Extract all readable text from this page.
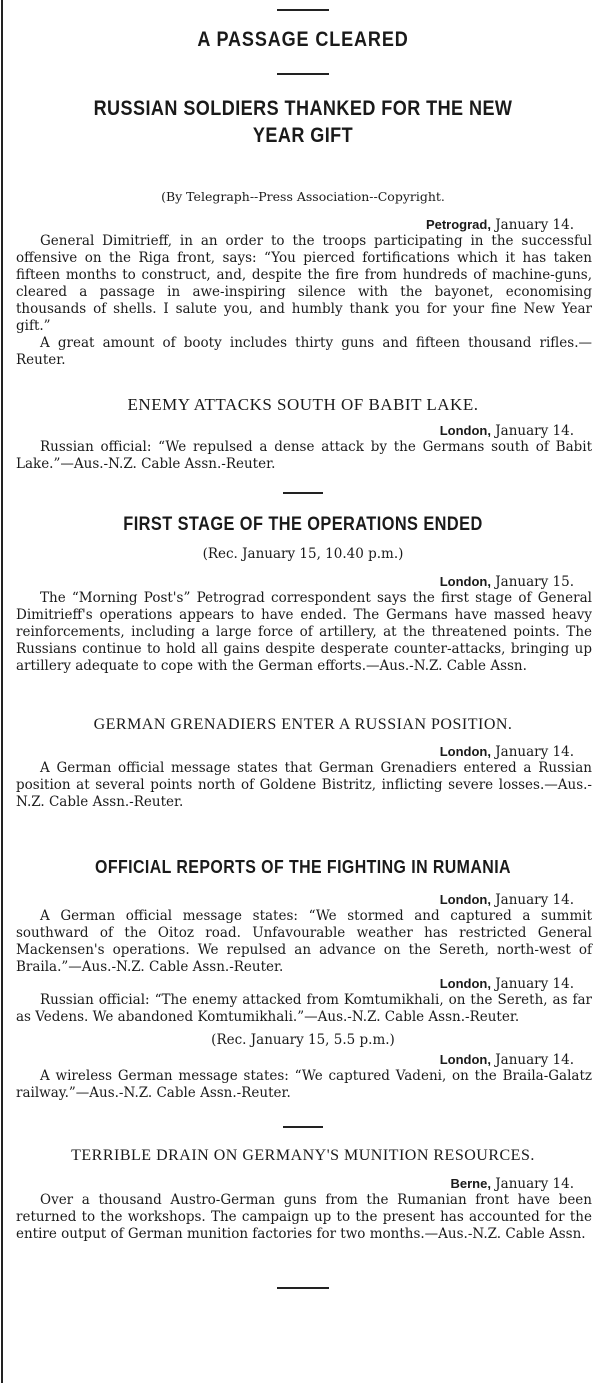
A PASSAGE CLEARED
RUSSIAN SOLDIERS THANKED FOR THE NEW YEAR GIFT
(By Telegraph--Press Association--Copyright.
Petrograd, January 14.

General Dimitrieff, in an order to the troops participating in the successful offensive on the Riga front, says: “You pierced fortifications which it has taken fifteen months to construct, and, despite the fire from hundreds of machine-guns, cleared a passage in awe-inspiring silence with the bayonet, economising thousands of shells. I salute you, and humbly thank you for your fine New Year gift.”

A great amount of booty includes thirty guns and fifteen thousand rifles.—Reuter.

ENEMY ATTACKS SOUTH OF BABIT LAKE.
London, January 14.

Russian official: “We repulsed a dense attack by the Germans south of Babit Lake.”—Aus.-N.Z. Cable Assn.-Reuter.

FIRST STAGE OF THE OPERATIONS ENDED
(Rec. January 15, 10.40 p.m.)
London, January 15.

The “Morning Post's” Petrograd correspondent says the first stage of General Dimitrieff's operations appears to have ended. The Germans have massed heavy reinforcements, including a large force of artillery, at the threatened points. The Russians continue to hold all gains despite desperate counter-attacks, bringing up artillery adequate to cope with the German efforts.—Aus.-N.Z. Cable Assn.

GERMAN GRENADIERS ENTER A RUSSIAN POSITION.
London, January 14.

A German official message states that German Grenadiers entered a Russian position at several points north of Goldene Bistritz, inflicting severe losses.—Aus.-N.Z. Cable Assn.-Reuter.

OFFICIAL REPORTS OF THE FIGHTING IN RUMANIA
London, January 14.

A German official message states: “We stormed and captured a summit southward of the Oitoz road. Unfavourable weather has restricted General Mackensen's operations. We repulsed an advance on the Sereth, north-west of Braila.”—Aus.-N.Z. Cable Assn.-Reuter.

London, January 14.

Russian official: “The enemy attacked from Komtumikhali, on the Sereth, as far as Vedens. We abandoned Komtumikhali.”—Aus.-N.Z. Cable Assn.-Reuter.

(Rec. January 15, 5.5 p.m.)
London, January 14.

A wireless German message states: “We captured Vadeni, on the Braila-Galatz railway.”—Aus.-N.Z. Cable Assn.-Reuter.

TERRIBLE DRAIN ON GERMANY'S MUNITION RESOURCES.
Berne, January 14.

Over a thousand Austro-German guns from the Rumanian front have been returned to the workshops. The campaign up to the present has accounted for the entire output of German munition factories for two months.—Aus.-N.Z. Cable Assn.
